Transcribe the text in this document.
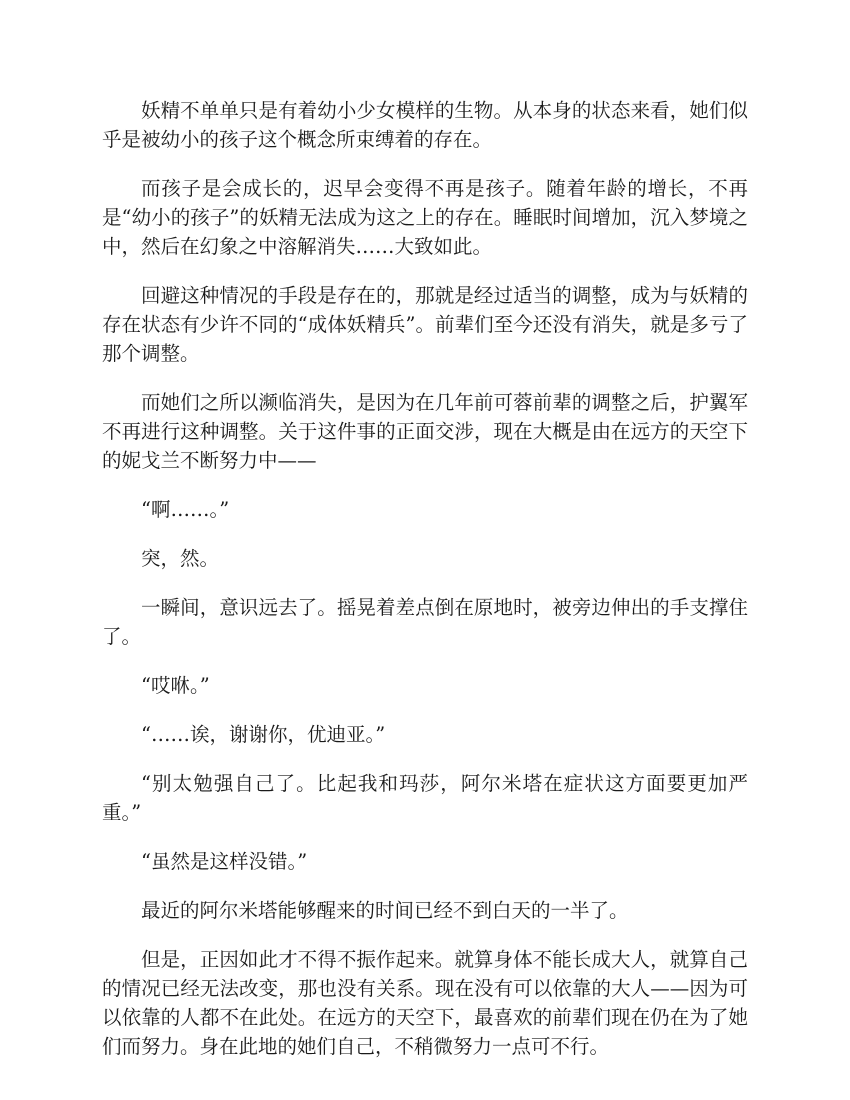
妖精不单单只是有着幼小少女模样的生物。从本身的状态来看，她们似乎是被幼小的孩子这个概念所束缚着的存在。

而孩子是会成长的，迟早会变得不再是孩子。随着年龄的增长，不再是“幼小的孩子”的妖精无法成为这之上的存在。睡眠时间增加，沉入梦境之中，然后在幻象之中溶解消失……大致如此。

回避这种情况的手段是存在的，那就是经过适当的调整，成为与妖精的存在状态有少许不同的“成体妖精兵”。前辈们至今还没有消失，就是多亏了那个调整。

而她们之所以濒临消失，是因为在几年前可蓉前辈的调整之后，护翼军不再进行这种调整。关于这件事的正面交涉，现在大概是由在远方的天空下的妮戈兰不断努力中——

“啊……。”

突，然。

一瞬间，意识远去了。摇晃着差点倒在原地时，被旁边伸出的手支撑住了。

“哎咻。”

“……诶，谢谢你，优迪亚。”

“别太勉强自己了。比起我和玛莎，阿尔米塔在症状这方面要更加严重。”

“虽然是这样没错。”

最近的阿尔米塔能够醒来的时间已经不到白天的一半了。

但是，正因如此才不得不振作起来。就算身体不能长成大人，就算自己的情况已经无法改变，那也没有关系。现在没有可以依靠的大人——因为可以依靠的人都不在此处。在远方的天空下，最喜欢的前辈们现在仍在为了她们而努力。身在此地的她们自己，不稍微努力一点可不行。
